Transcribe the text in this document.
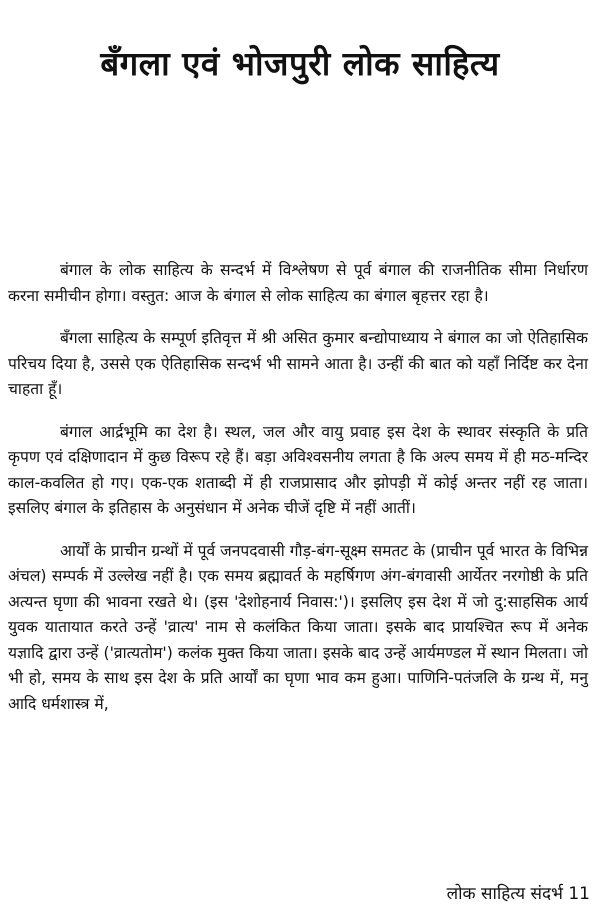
बँगला एवं भोजपुरी लोक साहित्य

बंगाल के लोक साहित्य के सन्दर्भ में विश्लेषण से पूर्व बंगाल की राजनीतिक सीमा निर्धारण करना समीचीन होगा। वस्तुत: आज के बंगाल से लोक साहित्य का बंगाल बृहत्तर रहा है।

बँगला साहित्य के सम्पूर्ण इतिवृत्त में श्री असित कुमार बन्द्योपाध्याय ने बंगाल का जो ऐतिहासिक परिचय दिया है, उससे एक ऐतिहासिक सन्दर्भ भी सामने आता है। उन्हीं की बात को यहाँ निर्दिष्ट कर देना चाहता हूँ।

बंगाल आर्द्रभूमि का देश है। स्थल, जल और वायु प्रवाह इस देश के स्थावर संस्कृति के प्रति कृपण एवं दक्षिणादान में कुछ विरूप रहे हैं। बड़ा अविश्वसनीय लगता है कि अल्प समय में ही मठ-मन्दिर काल-कवलित हो गए। एक-एक शताब्दी में ही राजप्रासाद और झोपड़ी में कोई अन्तर नहीं रह जाता। इसलिए बंगाल के इतिहास के अनुसंधान में अनेक चीजें दृष्टि में नहीं आतीं।

आर्यों के प्राचीन ग्रन्थों में पूर्व जनपदवासी गौड़-बंग-सूक्ष्म समतट के (प्राचीन पूर्व भारत के विभिन्न अंचल) सम्पर्क में उल्लेख नहीं है। एक समय ब्रह्मावर्त के महर्षिगण अंग-बंगवासी आर्येतर नरगोष्ठी के प्रति अत्यन्त घृणा की भावना रखते थे। (इस 'देशोहनार्य निवास:')। इसलिए इस देश में जो दु:साहसिक आर्य युवक यातायात करते उन्हें 'व्रात्य' नाम से कलंकित किया जाता। इसके बाद प्रायश्चित रूप में अनेक यज्ञादि द्वारा उन्हें ('व्रात्यतोम') कलंक मुक्त किया जाता। इसके बाद उन्हें आर्यमण्डल में स्थान मिलता। जो भी हो, समय के साथ इस देश के प्रति आर्यों का घृणा भाव कम हुआ। पाणिनि-पतंजलि के ग्रन्थ में, मनु आदि धर्मशास्त्र में,

लोक साहित्य संदर्भ 11
